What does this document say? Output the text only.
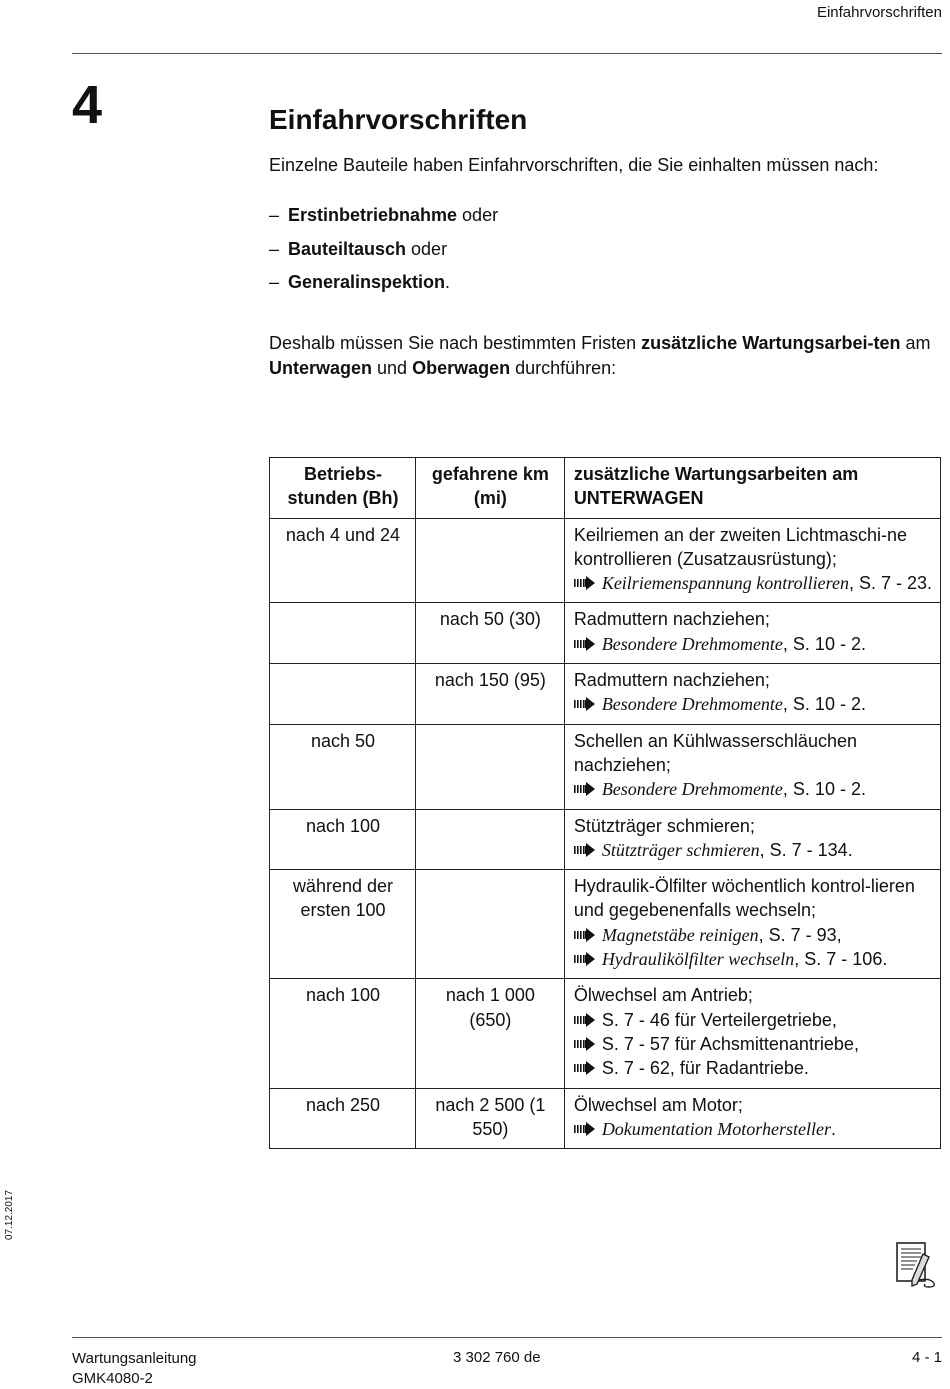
Einfahrvorschriften
4	Einfahrvorschriften

Einzelne Bauteile haben Einfahrvorschriften, die Sie einhalten müssen nach:

– Erstinbetriebnahme oder
– Bauteiltausch oder
– Generalinspektion.

Deshalb müssen Sie nach bestimmten Fristen zusätzliche Wartungsarbei-ten am Unterwagen und Oberwagen durchführen:

Betriebs-stunden (Bh)	gefahrene km (mi)	zusätzliche Wartungsarbeiten am UNTERWAGEN
nach 4 und 24		Keilriemen an der zweiten Lichtmaschi-ne kontrollieren (Zusatzausrüstung);
Keilriemenspannung kontrollieren, S. 7 - 23.

	nach 50 (30)	Radmuttern nachziehen;
Besondere Drehmomente, S. 10 - 2.

	nach 150 (95)	Radmuttern nachziehen;
Besondere Drehmomente, S. 10 - 2.

nach 50		Schellen an Kühlwasserschläuchen nachziehen;
Besondere Drehmomente, S. 10 - 2.

nach 100		Stützträger schmieren;
Stützträger schmieren, S. 7 - 134.

während der ersten 100		Hydraulik-Ölfilter wöchentlich kontrol-lieren und gegebenenfalls wechseln;
Magnetstäbe reinigen, S. 7 - 93,
Hydraulikölfilter wechseln, S. 7 - 106.

nach 100	nach 1 000 (650)	Ölwechsel am Antrieb;
S. 7 - 46 für Verteilergetriebe,
S. 7 - 57 für Achsmittenantriebe,
S. 7 - 62, für Radantriebe.

nach 250	nach 2 500 (1 550)	Ölwechsel am Motor;
Dokumentation Motorhersteller.
07.12.2017
Wartungsanleitung
GMK4080-2
3 302 760 de	4 - 1
